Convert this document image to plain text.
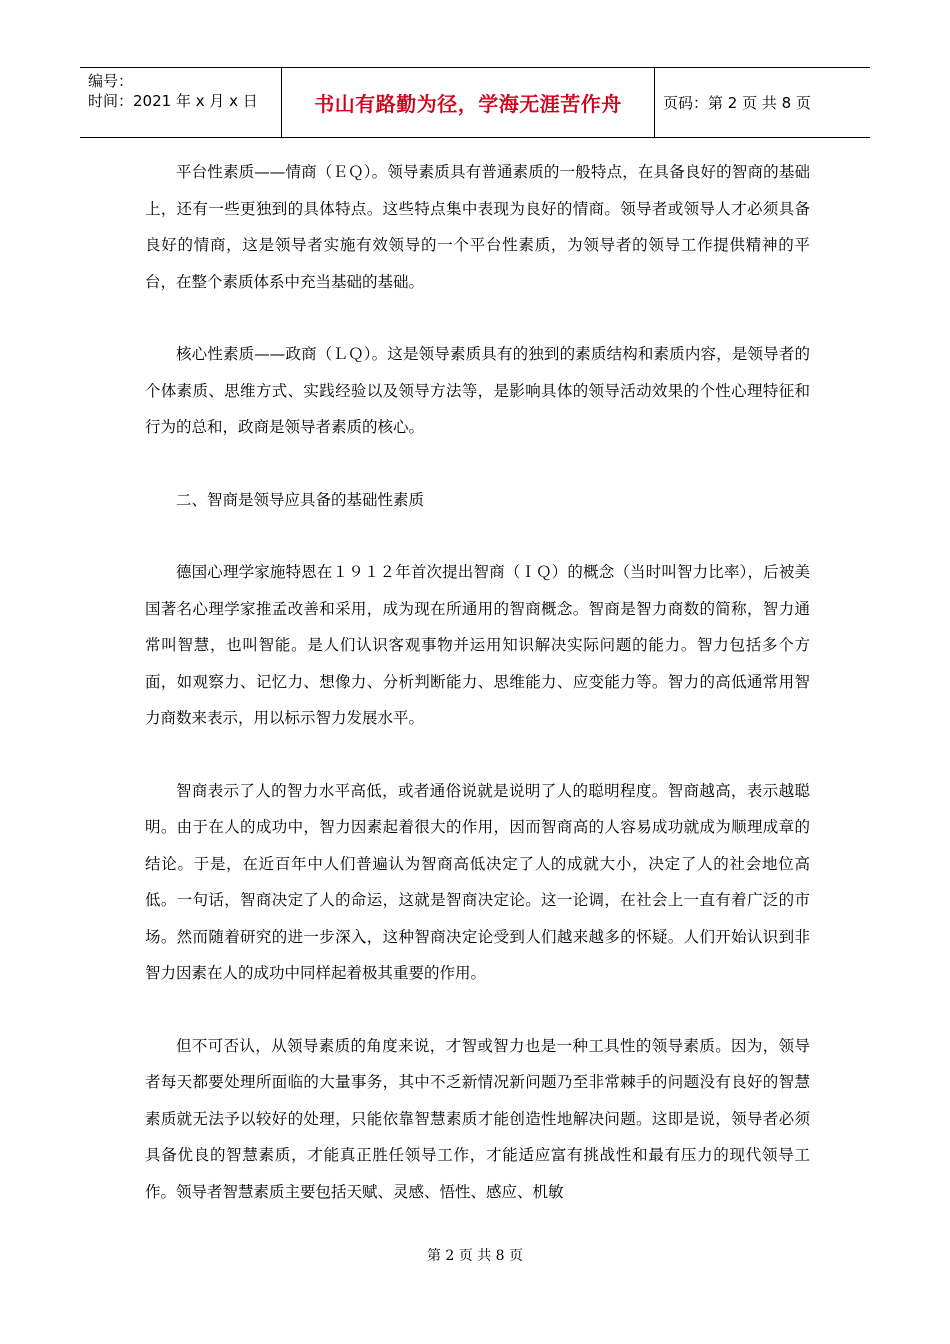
编号：
时间：2021 年 x 月 x 日	书山有路勤为径，学海无涯苦作舟	页码：第 2 页 共 8 页

平台性素质——情商（ＥＱ）。领导素质具有普通素质的一般特点，在具备良好的智商的基础上，还有一些更独到的具体特点。这些特点集中表现为良好的情商。领导者或领导人才必须具备良好的情商，这是领导者实施有效领导的一个平台性素质，为领导者的领导工作提供精神的平台，在整个素质体系中充当基础的基础。

核心性素质——政商（ＬＱ）。这是领导素质具有的独到的素质结构和素质内容，是领导者的个体素质、思维方式、实践经验以及领导方法等，是影响具体的领导活动效果的个性心理特征和行为的总和，政商是领导者素质的核心。

二、智商是领导应具备的基础性素质

德国心理学家施特恩在１９１２年首次提出智商（ＩＱ）的概念（当时叫智力比率），后被美国著名心理学家推孟改善和采用，成为现在所通用的智商概念。智商是智力商数的简称，智力通常叫智慧，也叫智能。是人们认识客观事物并运用知识解决实际问题的能力。智力包括多个方面，如观察力、记忆力、想像力、分析判断能力、思维能力、应变能力等。智力的高低通常用智力商数来表示，用以标示智力发展水平。

智商表示了人的智力水平高低，或者通俗说就是说明了人的聪明程度。智商越高，表示越聪明。由于在人的成功中，智力因素起着很大的作用，因而智商高的人容易成功就成为顺理成章的结论。于是，在近百年中人们普遍认为智商高低决定了人的成就大小，决定了人的社会地位高低。一句话，智商决定了人的命运，这就是智商决定论。这一论调，在社会上一直有着广泛的市场。然而随着研究的进一步深入，这种智商决定论受到人们越来越多的怀疑。人们开始认识到非智力因素在人的成功中同样起着极其重要的作用。

但不可否认，从领导素质的角度来说，才智或智力也是一种工具性的领导素质。因为，领导者每天都要处理所面临的大量事务，其中不乏新情况新问题乃至非常棘手的问题没有良好的智慧素质就无法予以较好的处理，只能依靠智慧素质才能创造性地解决问题。这即是说，领导者必须具备优良的智慧素质，才能真正胜任领导工作，才能适应富有挑战性和最有压力的现代领导工作。领导者智慧素质主要包括天赋、灵感、悟性、感应、机敏

第 2 页 共 8 页
